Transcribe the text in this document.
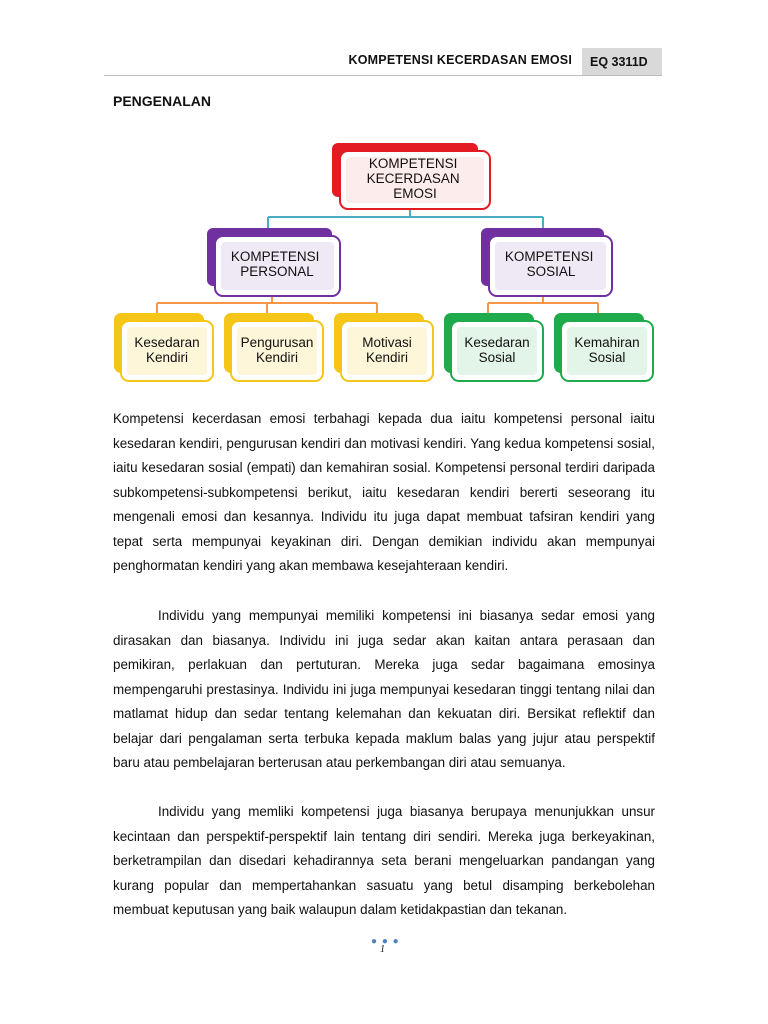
KOMPETENSI KECERDASAN EMOSI	EQ 3311D
PENGENALAN
KOMPETENSI KECERDASAN EMOSI
KOMPETENSI PERSONAL
KOMPETENSI SOSIAL
Kesedaran Kendiri
Pengurusan Kendiri
Motivasi Kendiri
Kesedaran Sosial
Kemahiran Sosial

Kompetensi kecerdasan emosi terbahagi kepada dua iaitu kompetensi personal iaitu kesedaran kendiri, pengurusan kendiri dan motivasi kendiri. Yang kedua kompetensi sosial, iaitu kesedaran sosial (empati) dan kemahiran sosial. Kompetensi personal terdiri daripada subkompetensi-subkompetensi berikut, iaitu kesedaran kendiri bererti seseorang itu mengenali emosi dan kesannya. Individu itu juga dapat membuat tafsiran kendiri yang tepat serta mempunyai keyakinan diri. Dengan demikian individu akan mempunyai penghormatan kendiri yang akan membawa kesejahteraan kendiri.

Individu yang mempunyai memiliki kompetensi ini biasanya sedar emosi yang dirasakan dan biasanya. Individu ini juga sedar akan kaitan antara perasaan dan pemikiran, perlakuan dan pertuturan. Mereka juga sedar bagaimana emosinya mempengaruhi prestasinya. Individu ini juga mempunyai kesedaran tinggi tentang nilai dan matlamat hidup dan sedar tentang kelemahan dan kekuatan diri. Bersikat reflektif dan belajar dari pengalaman serta terbuka kepada maklum balas yang jujur atau perspektif baru atau pembelajaran berterusan atau perkembangan diri atau semuanya.

Individu yang memliki kompetensi juga biasanya berupaya menunjukkan unsur kecintaan dan perspektif-perspektif lain tentang diri sendiri. Mereka juga berkeyakinan, berketrampilan dan disedari kehadirannya seta berani mengeluarkan pandangan yang kurang popular dan mempertahankan sasuatu yang betul disamping berkebolehan membuat keputusan yang baik walaupun dalam ketidakpastian dan tekanan.

● ● ●
1
